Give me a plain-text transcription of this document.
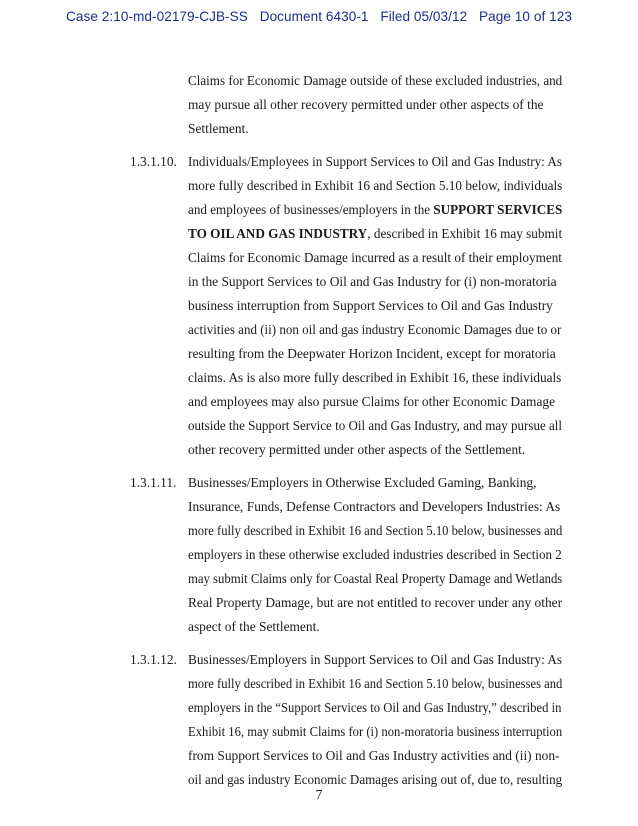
Case 2:10-md-02179-CJB-SS Document 6430-1 Filed 05/03/12 Page 10 of 123
Claims for Economic Damage outside of these excluded industries, and
may pursue all other recovery permitted under other aspects of the
Settlement.
1.3.1.10. Individuals/Employees in Support Services to Oil and Gas Industry: As
more fully described in Exhibit 16 and Section 5.10 below, individuals
and employees of businesses/employers in the SUPPORT SERVICES
TO OIL AND GAS INDUSTRY, described in Exhibit 16 may submit
Claims for Economic Damage incurred as a result of their employment
in the Support Services to Oil and Gas Industry for (i) non-moratoria
business interruption from Support Services to Oil and Gas Industry
activities and (ii) non oil and gas industry Economic Damages due to or
resulting from the Deepwater Horizon Incident, except for moratoria
claims. As is also more fully described in Exhibit 16, these individuals
and employees may also pursue Claims for other Economic Damage
outside the Support Service to Oil and Gas Industry, and may pursue all
other recovery permitted under other aspects of the Settlement.
1.3.1.11. Businesses/Employers in Otherwise Excluded Gaming, Banking,
Insurance, Funds, Defense Contractors and Developers Industries: As
more fully described in Exhibit 16 and Section 5.10 below, businesses and
employers in these otherwise excluded industries described in Section 2
may submit Claims only for Coastal Real Property Damage and Wetlands
Real Property Damage, but are not entitled to recover under any other
aspect of the Settlement.
1.3.1.12. Businesses/Employers in Support Services to Oil and Gas Industry: As
more fully described in Exhibit 16 and Section 5.10 below, businesses and
employers in the “Support Services to Oil and Gas Industry,” described in
Exhibit 16, may submit Claims for (i) non-moratoria business interruption
from Support Services to Oil and Gas Industry activities and (ii) non-
oil and gas industry Economic Damages arising out of, due to, resulting
7
